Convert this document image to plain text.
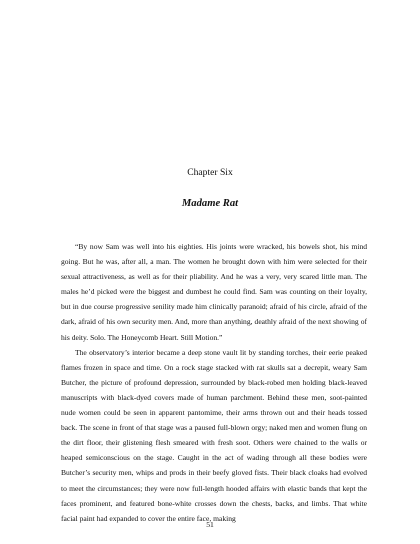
Chapter Six
Madame Rat

“By now Sam was well into his eighties. His joints were wracked, his bowels shot, his mind going. But he was, after all, a man. The women he brought down with him were selected for their sexual attractiveness, as well as for their pliability. And he was a very, very scared little man. The males he’d picked were the biggest and dumbest he could find. Sam was counting on their loyalty, but in due course progressive senility made him clinically paranoid; afraid of his circle, afraid of the dark, afraid of his own security men. And, more than anything, deathly afraid of the next showing of his deity. Solo. The Honeycomb Heart. Still Motion.”

The observatory’s interior became a deep stone vault lit by standing torches, their eerie peaked flames frozen in space and time. On a rock stage stacked with rat skulls sat a decrepit, weary Sam Butcher, the picture of profound depression, surrounded by black-robed men holding black-leaved manuscripts with black-dyed covers made of human parchment. Behind these men, soot-painted nude women could be seen in apparent pantomime, their arms thrown out and their heads tossed back. The scene in front of that stage was a paused full-blown orgy; naked men and women flung on the dirt floor, their glistening flesh smeared with fresh soot. Others were chained to the walls or heaped semiconscious on the stage. Caught in the act of wading through all these bodies were Butcher’s security men, whips and prods in their beefy gloved fists. Their black cloaks had evolved to meet the circumstances; they were now full-length hooded affairs with elastic bands that kept the faces prominent, and featured bone-white crosses down the chests, backs, and limbs. That white facial paint had expanded to cover the entire face, making

51
